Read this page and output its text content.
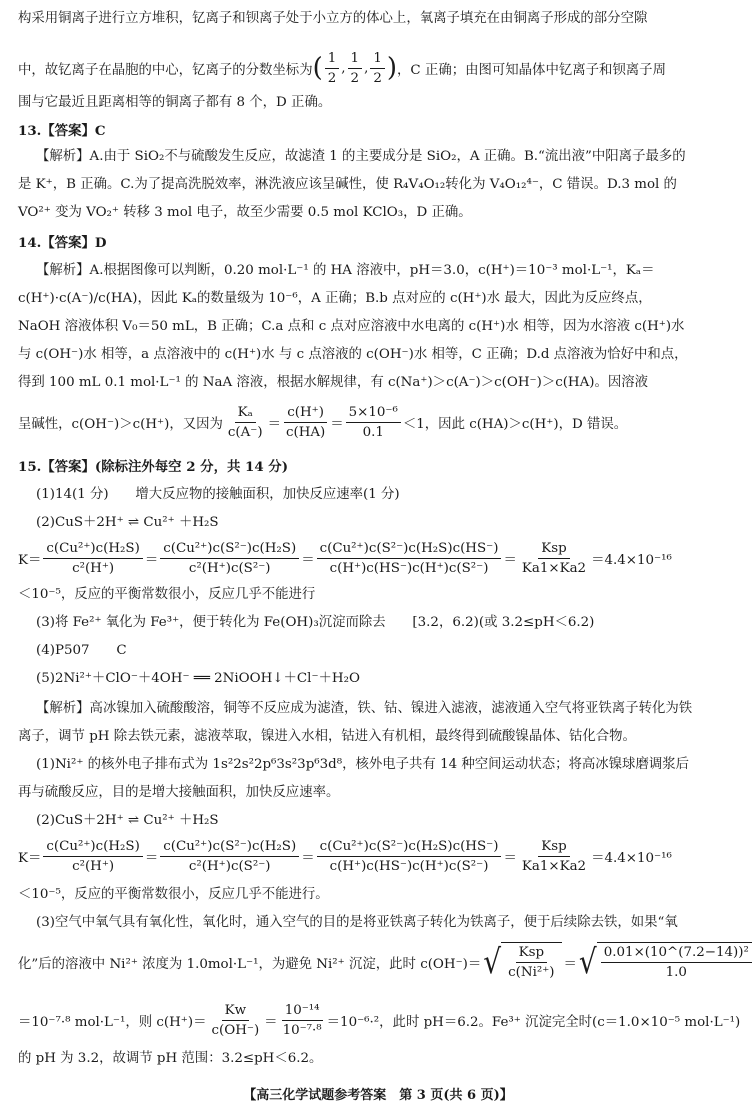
构采用铜离子进行立方堆积，钇离子和钡离子处于小立方的体心上，氧离子填充在由铜离子形成的部分空隙
中，故钇离子在晶胞的中心，钇离子的分数坐标为 ( $\frac{1}{2}$ , $\frac{1}{2}$ , $\frac{1}{2}$ ) ，C 正确；由图可知晶体中钇离子和钡离子周
围与它最近且距离相等的铜离子都有 8 个，D 正确。
13.【答案】C
【解析】A.由于 SiO₂不与硫酸发生反应，故滤渣 1 的主要成分是 SiO₂，A 正确。B.“流出液”中阳离子最多的
是 K⁺，B 正确。C.为了提高洗脱效率，淋洗液应该呈碱性，使 R₄V₄O₁₂转化为 V₄O₁₂⁴⁻，C 错误。D.3 mol 的
VO²⁺ 变为 VO₂⁺ 转移 3 mol 电子，故至少需要 0.5 mol KClO₃，D 正确。
14.【答案】D
【解析】A.根据图像可以判断，0.20 mol·L⁻¹ 的 HA 溶液中，pH＝3.0，c(H⁺)＝10⁻³ mol·L⁻¹，Kₐ＝
c(H⁺)·c(A⁻)/c(HA)，因此 Kₐ的数量级为 10⁻⁶，A 正确；B.b 点对应的 c(H⁺)水 最大，因此为反应终点，
NaOH 溶液体积 V₀＝50 mL，B 正确；C.a 点和 c 点对应溶液中水电离的 c(H⁺)水 相等，因为水溶液 c(H⁺)水
与 c(OH⁻)水 相等，a 点溶液中的 c(H⁺)水 与 c 点溶液的 c(OH⁻)水 相等，C 正确；D.d 点溶液为恰好中和点，
得到 100 mL 0.1 mol·L⁻¹ 的 NaA 溶液，根据水解规律，有 c(Na⁺)＞c(A⁻)＞c(OH⁻)＞c(HA)。因溶液
呈碱性，c(OH⁻)＞c(H⁺)，又因为 $\frac{\text{Kₐ}}{c(A^-)} = \frac{c(H^+)}{c(HA)} = \frac{\text{5×10⁻⁶}}{0.1} <1$，因此 c(HA)＞c(H⁺)，D 错误。
15.【答案】(除标注外每空 2 分，共 14 分)
(1)14(1 分)　　增大反应物的接触面积，加快反应速率(1 分)
(2)CuS＋2H⁺ ⇌ Cu²⁺ ＋H₂S
$K= \frac{\text{c(Cu²⁺)c(H₂S)}}{\text{c²(H⁺)}} = \frac{\text{c(Cu²⁺)c(S²⁻)c(H₂S)}}{\text{c²(H⁺)c(S²⁻)}} = \frac{\text{c(Cu²⁺)c(S²⁻)c(H₂S)c(HS⁻)}}{\text{c(H⁺)c(HS⁻)c(H⁺)c(S²⁻)}} = \frac{\text{Ksp}}{Ka1\times Ka2} =4.4\times 10^{-16}$
＜10⁻⁵，反应的平衡常数很小，反应几乎不能进行
(3)将 Fe²⁺ 氧化为 Fe³⁺，便于转化为 Fe(OH)₃沉淀而除去　　[3.2，6.2)(或 3.2≤pH＜6.2)
(4)P507　　C
(5)2Ni²⁺＋ClO⁻＋4OH⁻ ══ 2NiOOH↓＋Cl⁻＋H₂O
【解析】高冰镍加入硫酸酸溶，铜等不反应成为滤渣，铁、钴、镍进入滤液，滤液通入空气将亚铁离子转化为铁
离子，调节 pH 除去铁元素，滤液萃取，镍进入水相，钴进入有机相，最终得到硫酸镍晶体、钴化合物。
(1)Ni²⁺ 的核外电子排布式为 1s²2s²2p⁶3s²3p⁶3d⁸，核外电子共有 14 种空间运动状态；将高冰镍球磨调浆后
再与硫酸反应，目的是增大接触面积，加快反应速率。
(2)CuS＋2H⁺ ⇌ Cu²⁺ ＋H₂S
$K= \frac{\text{c(Cu²⁺)c(H₂S)}}{\text{c²(H⁺)}} = \frac{\text{c(Cu²⁺)c(S²⁻)c(H₂S)}}{\text{c²(H⁺)c(S²⁻)}} = \frac{\text{c(Cu²⁺)c(S²⁻)c(H₂S)c(HS⁻)}}{\text{c(H⁺)c(HS⁻)c(H⁺)c(S²⁻)}} = \frac{\text{Ksp}}{Ka1\times Ka2} =4.4\times 10^{-16}$
＜10⁻⁵，反应的平衡常数很小，反应几乎不能进行。
(3)空气中氧气具有氧化性，氧化时，通入空气的目的是将亚铁离子转化为铁离子，便于后续除去铁，如果“氧
化”后的溶液中 Ni²⁺ 浓度为 1.0mol·L⁻¹，为避免 Ni²⁺ 沉淀，此时 c(OH⁻)＝ √ $\frac{\text{Ksp}}{\text{c(Ni²⁺)}}$ ＝ √ $\frac{\text{0.01×(10\textasciicircum{}(7.2−14))²}}{1.0}$
＝10⁻⁷·⁸ mol·L⁻¹，则 $c(H^+)= \frac{Kw}{c(OH^-)} = \frac{\text{10⁻¹⁴}}{\text{10⁻⁷·⁸}} =10^{-6}\cdot^2$，此时 pH＝6.2。Fe³⁺ 沉淀完全时(c＝1.0×10⁻⁵ mol·L⁻¹)
的 pH 为 3.2，故调节 pH 范围：3.2≤pH＜6.2。
【高三化学试题参考答案　第 3 页(共 6 页)】
